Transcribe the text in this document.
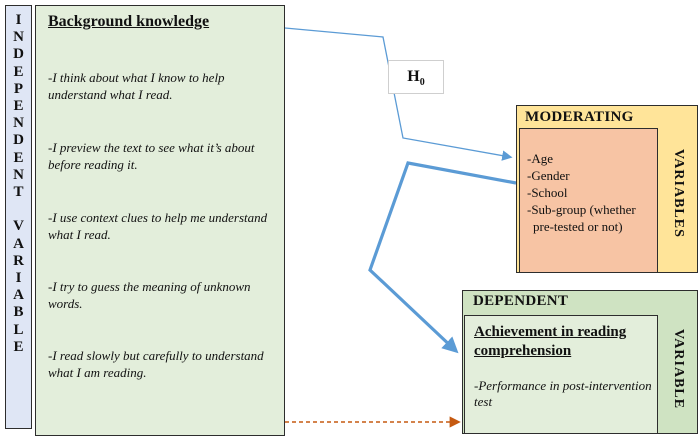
I
N
D
E
P
E
N
D
E
N
T

V
A
R
I
A
B
L
E
Background knowledge
-I think about what I know to help understand what I read.
-I preview the text to see what it’s about before reading it.
-I use context clues to help me understand what I read.
-I try to guess the meaning of unknown words.
-I read slowly but carefully to understand what I am reading.
$H_0$
MODERATING
-Age
-Gender
-School
-Sub-group (whether
pre-tested or not)	VARIABLES
DEPENDENT
Achievement in reading comprehension
-Performance in post-intervention test	VARIABLE
